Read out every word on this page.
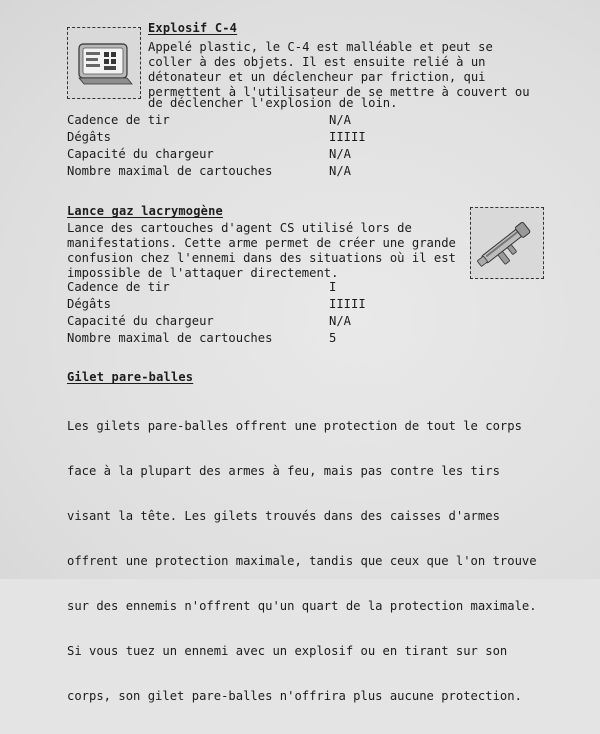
Explosif C-4
Appelé plastic, le C-4 est malléable et peut se
coller à des objets. Il est ensuite relié à un
détonateur et un déclencheur par friction, qui
permettent à l'utilisateur de se mettre à couvert ou
de déclencher l'explosion de loin.
Cadence de tir	N/A
Dégâts	IIIII
Capacité du chargeur	N/A
Nombre maximal de cartouches	N/A
Lance gaz lacrymogène
Lance des cartouches d'agent CS utilisé lors de
manifestations. Cette arme permet de créer une grande
confusion chez l'ennemi dans des situations où il est
impossible de l'attaquer directement.
Cadence de tir	I
Dégâts	IIIII
Capacité du chargeur	N/A
Nombre maximal de cartouches	5
Gilet pare-balles

Les gilets pare-balles offrent une protection de tout le corps

face à la plupart des armes à feu, mais pas contre les tirs

visant la tête. Les gilets trouvés dans des caisses d'armes

offrent une protection maximale, tandis que ceux que l'on trouve

sur des ennemis n'offrent qu'un quart de la protection maximale.

Si vous tuez un ennemi avec un explosif ou en tirant sur son

corps, son gilet pare-balles n'offrira plus aucune protection.
